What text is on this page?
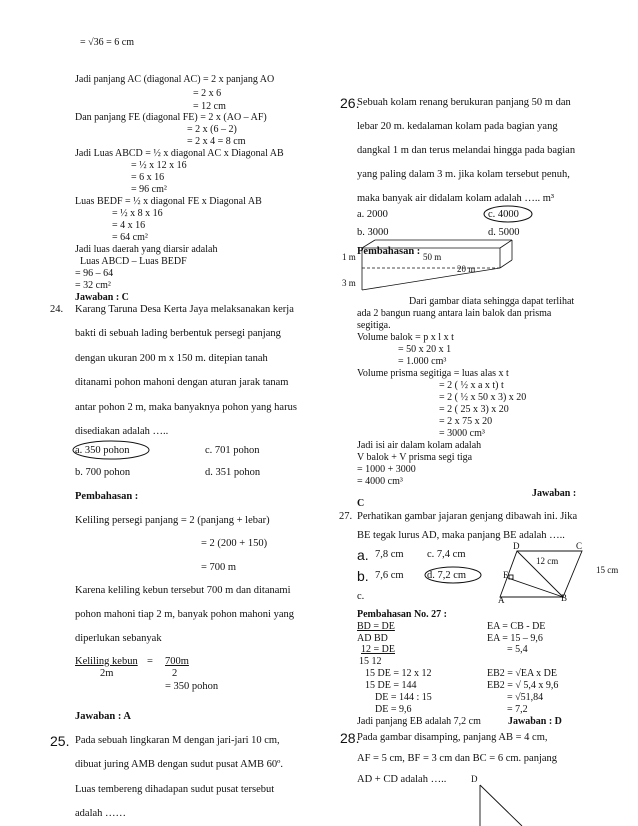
= √36 = 6 cm
Jadi panjang AC (diagonal AC) = 2 x panjang AO
= 2 x 6
= 12 cm
Dan panjang FE (diagonal FE) = 2 x (AO – AF)
= 2 x (6 – 2)
= 2 x 4 = 8 cm
Jadi Luas ABCD = ½ x diagonal AC x Diagonal AB
= ½ x 12 x 16
= 6 x 16
= 96 cm²
Luas BEDF = ½ x diagonal FE x Diagonal AB
= ½ x 8 x 16
= 4 x 16
= 64 cm²
Jadi luas daerah yang diarsir adalah
Luas ABCD – Luas BEDF
= 96 – 64
= 32 cm²
Jawaban : C
24. Karang Taruna Desa Kerta Jaya melaksanakan kerja
bakti di sebuah lading berbentuk persegi panjang
dengan ukuran 200 m x 150 m. ditepian tanah
ditanami pohon mahoni dengan aturan jarak tanam
antar pohon 2 m, maka banyaknya pohon yang harus
disediakan adalah …..
a. 350 pohon	c. 701 pohon
b. 700 pohon	d. 351 pohon
Pembahasan :
Keliling persegi panjang = 2 (panjang + lebar)
= 2 (200 + 150)
= 700 m
Karena keliling kebun tersebut 700 m dan ditanami
pohon mahoni tiap 2 m, banyak pohon mahoni yang
diperlukan sebanyak
Keliling kebun = 700m
2m	2
= 350 pohon
Jawaban : A
25. Pada sebuah lingkaran M dengan jari-jari 10 cm,
dibuat juring AMB dengan sudut pusat AMB 60º.
Luas tembereng dihadapan sudut pusat tersebut
adalah ……
26.
Sebuah kolam renang berukuran panjang 50 m dan
lebar 20 m. kedalaman kolam pada bagian yang
dangkal 1 m dan terus melandai hingga pada bagian
yang paling dalam 3 m. jika kolam tersebut penuh,
maka banyak air didalam kolam adalah ….. m³
a. 2000	c. 4000
b. 3000	d. 5000
Pembahasan : 50 m
20 m
1 m
3 m
Dari gambar diata sehingga dapat terlihat
ada 2 bangun ruang antara lain balok dan prisma
segitiga.
Volume balok = p x l x t
= 50 x 20 x 1
= 1.000 cm³
Volume prisma segitiga = luas alas x t
= 2 ( ½ x a x t) t
= 2 ( ½ x 50 x 3) x 20
= 2 ( 25 x 3) x 20
= 2 x 75 x 20
= 3000 cm³
Jadi isi air dalam kolam adalah
V balok + V prisma segi tiga
= 1000 + 3000
= 4000 cm³
Jawaban :
C
27. Perhatikan gambar jajaran genjang dibawah ini. Jika
BE tegak lurus AD, maka panjang BE adalah …..
a. 7,8 cm c. 7,4 cm
b. 7,6 cm d. 7,2 cm
c.
D	C
E
A	B
12 cm
15 cm
Pembahasan No. 27 :
BD = DE
AD BD
12 = DE
15 12
15 DE = 12 x 12
15 DE = 144
DE = 144 : 15
DE = 9,6
Jadi panjang EB adalah 7,2 cm
EA = CB - DE
EA = 15 – 9,6
= 5,4
EB2 = √EA x DE
EB2 = √ 5,4 x 9,6
= √51,84
= 7,2
Jawaban : D
28.
Pada gambar disamping, panjang AB = 4 cm,
AF = 5 cm, BF = 3 cm dan BC = 6 cm. panjang
AD + CD adalah …..	D
